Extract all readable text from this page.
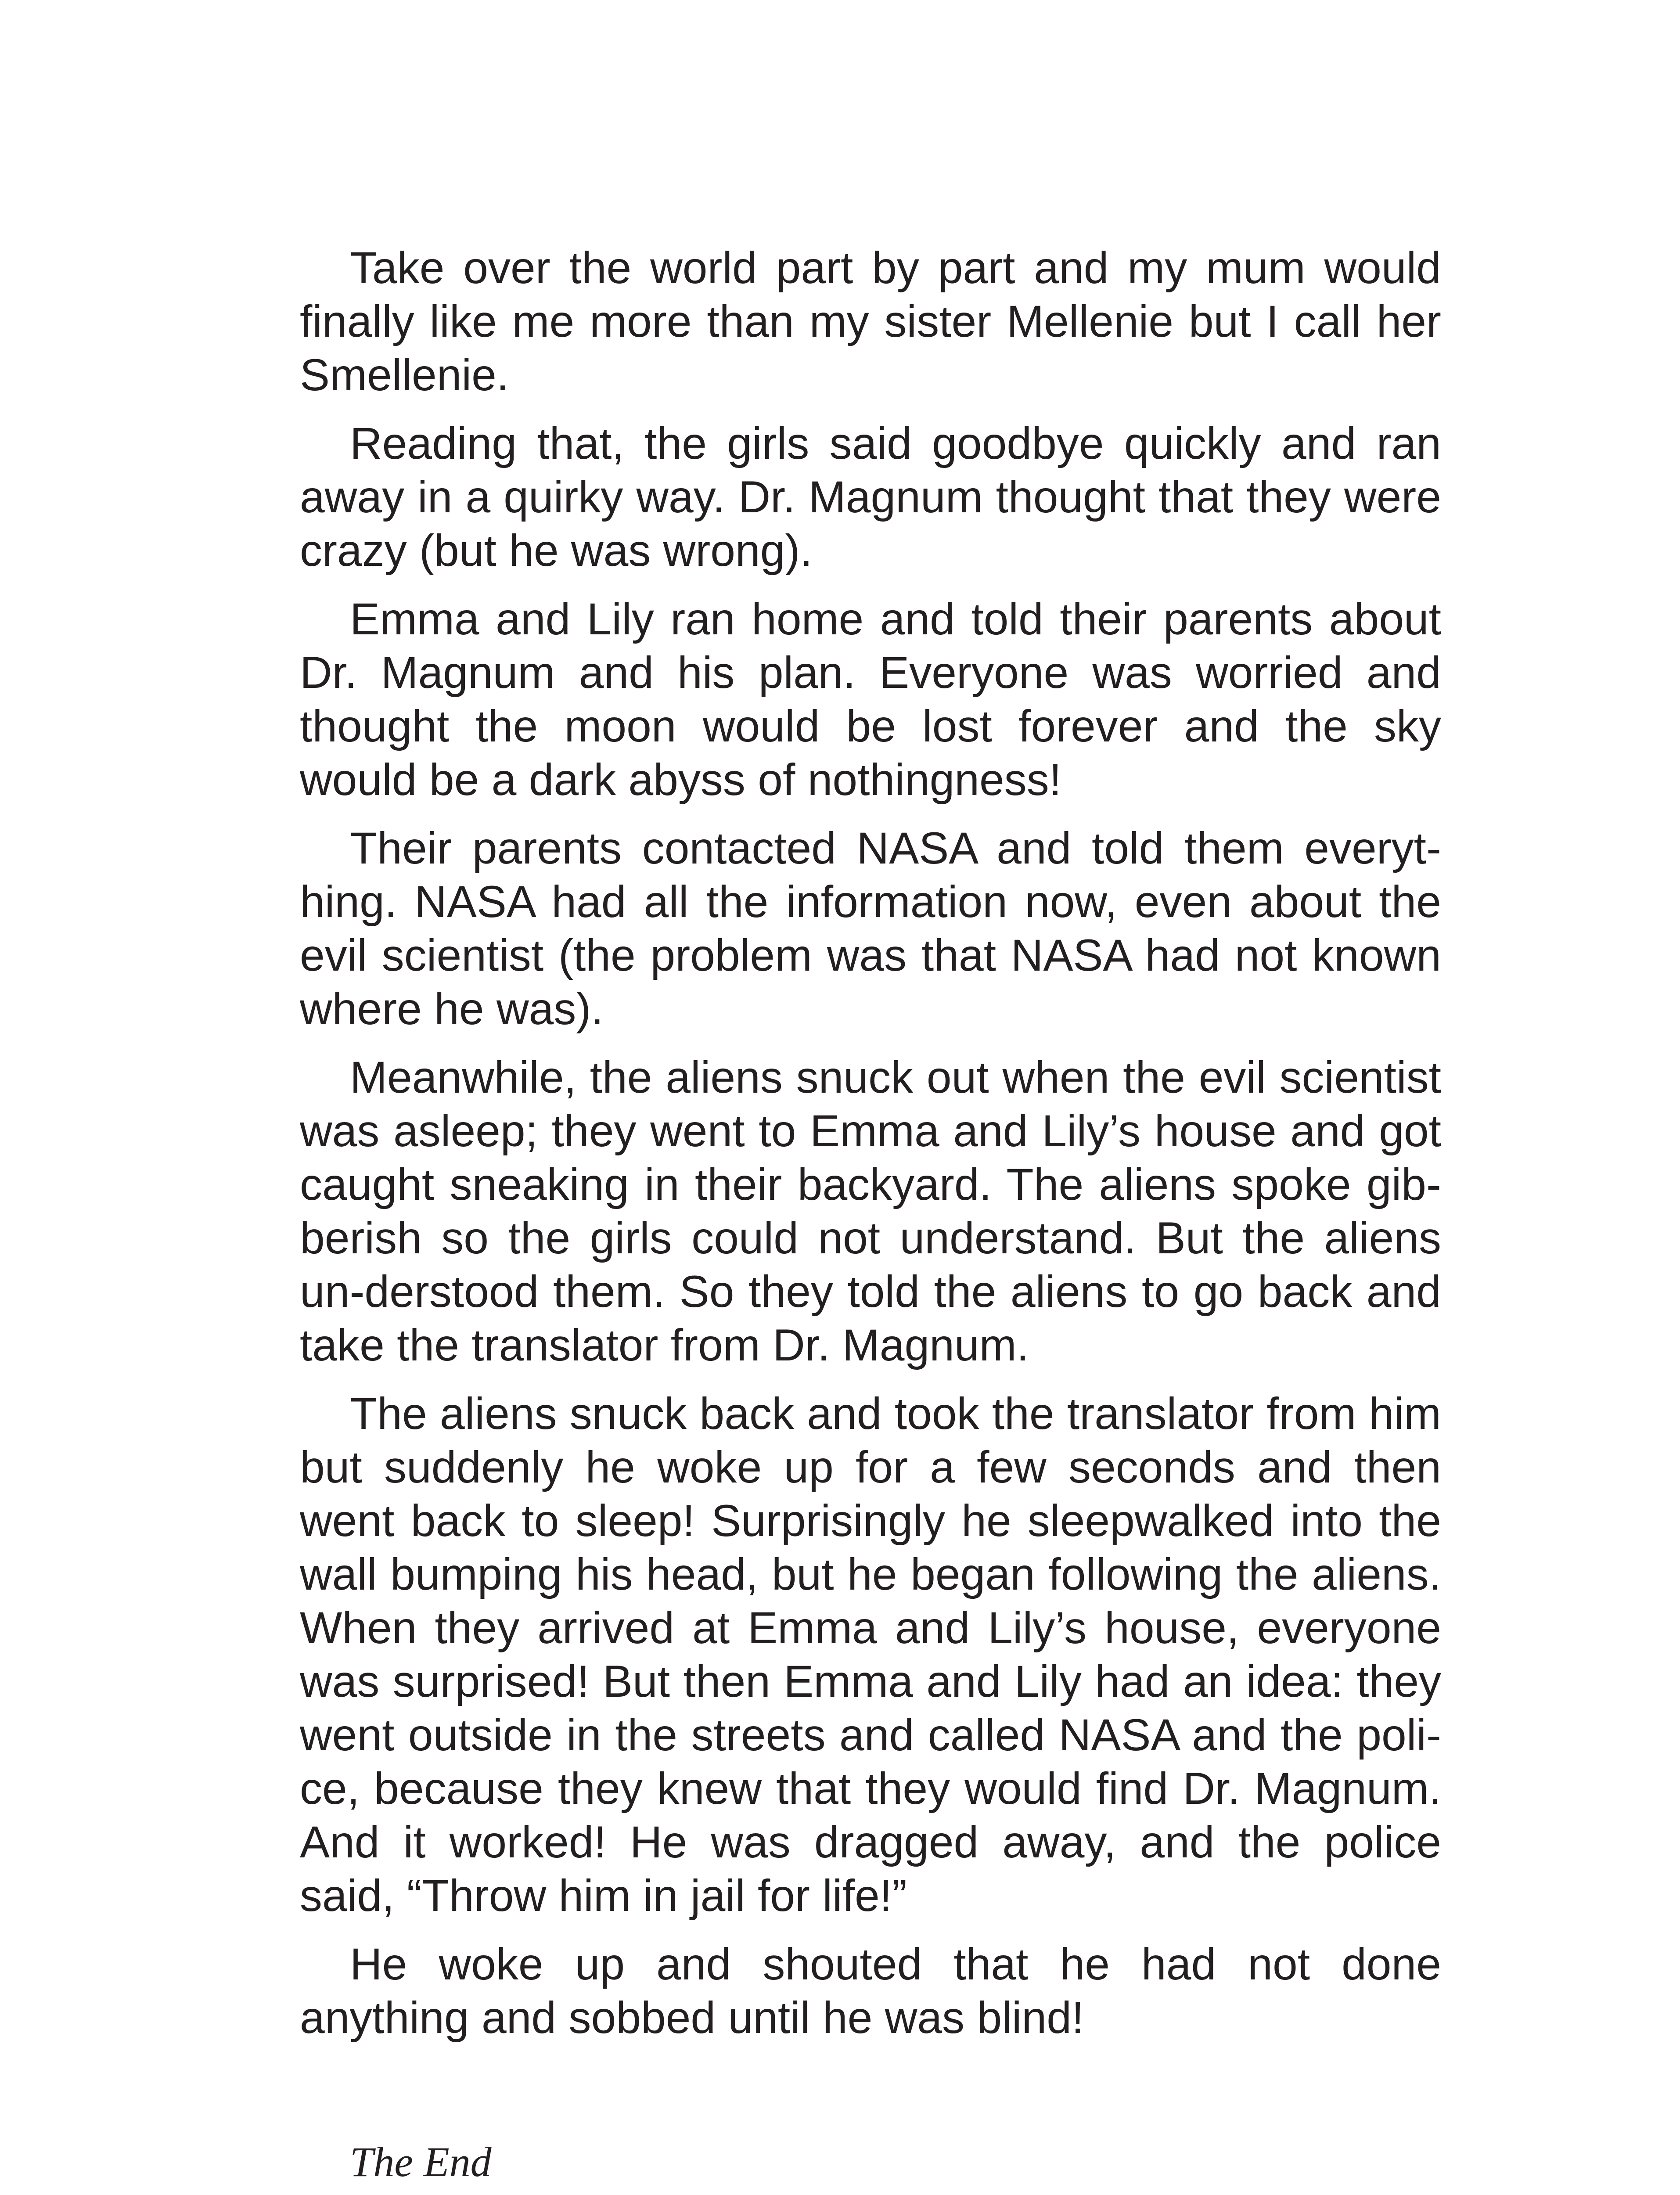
Take over the world part by part and my mum would finally like me more than my sister Mellenie but I call her Smellenie.

Reading that, the girls said goodbye quickly and ran away in a quirky way. Dr. Magnum thought that they were crazy (but he was wrong).

Emma and Lily ran home and told their parents about Dr. Magnum and his plan. Everyone was worried and thought the moon would be lost forever and the sky would be a dark abyss of nothingness!

Their parents contacted NASA and told them everyt-hing. NASA had all the information now, even about the evil scientist (the problem was that NASA had not known where he was).

Meanwhile, the aliens snuck out when the evil scientist was asleep; they went to Emma and Lily’s house and got caught sneaking in their backyard. The aliens spoke gib-berish so the girls could not understand. But the aliens un-derstood them. So they told the aliens to go back and take the translator from Dr. Magnum.

The aliens snuck back and took the translator from him but suddenly he woke up for a few seconds and then went back to sleep! Surprisingly he sleepwalked into the wall bumping his head, but he began following the aliens. When they arrived at Emma and Lily’s house, everyone was surprised! But then Emma and Lily had an idea: they went outside in the streets and called NASA and the poli-ce, because they knew that they would find Dr. Magnum. And it worked! He was dragged away, and the police said, “Throw him in jail for life!”

He woke up and shouted that he had not done anything and sobbed until he was blind!

The End
